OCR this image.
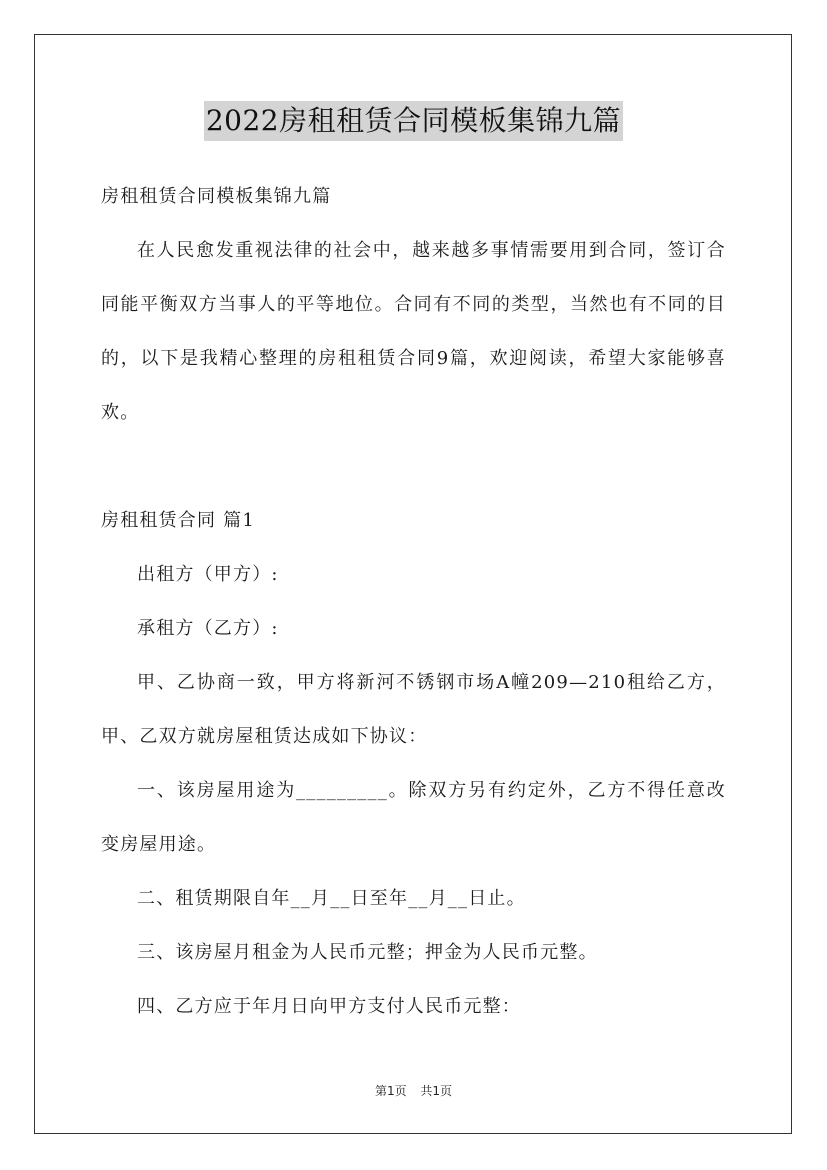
2022房租租赁合同模板集锦九篇

房租租赁合同模板集锦九篇

在人民愈发重视法律的社会中，越来越多事情需要用到合同，签订合同能平衡双方当事人的平等地位。合同有不同的类型，当然也有不同的目的，以下是我精心整理的房租租赁合同9篇，欢迎阅读，希望大家能够喜欢。

房租租赁合同 篇1

出租方（甲方）:

承租方（乙方）:

甲、乙协商一致，甲方将新河不锈钢市场A幢209—210租给乙方，甲、乙双方就房屋租赁达成如下协议：

一、该房屋用途为_________。除双方另有约定外，乙方不得任意改变房屋用途。

二、租赁期限自年__月__日至年__月__日止。

三、该房屋月租金为人民币元整；押金为人民币元整。

四、乙方应于年月日向甲方支付人民币元整：

第1页 共1页
